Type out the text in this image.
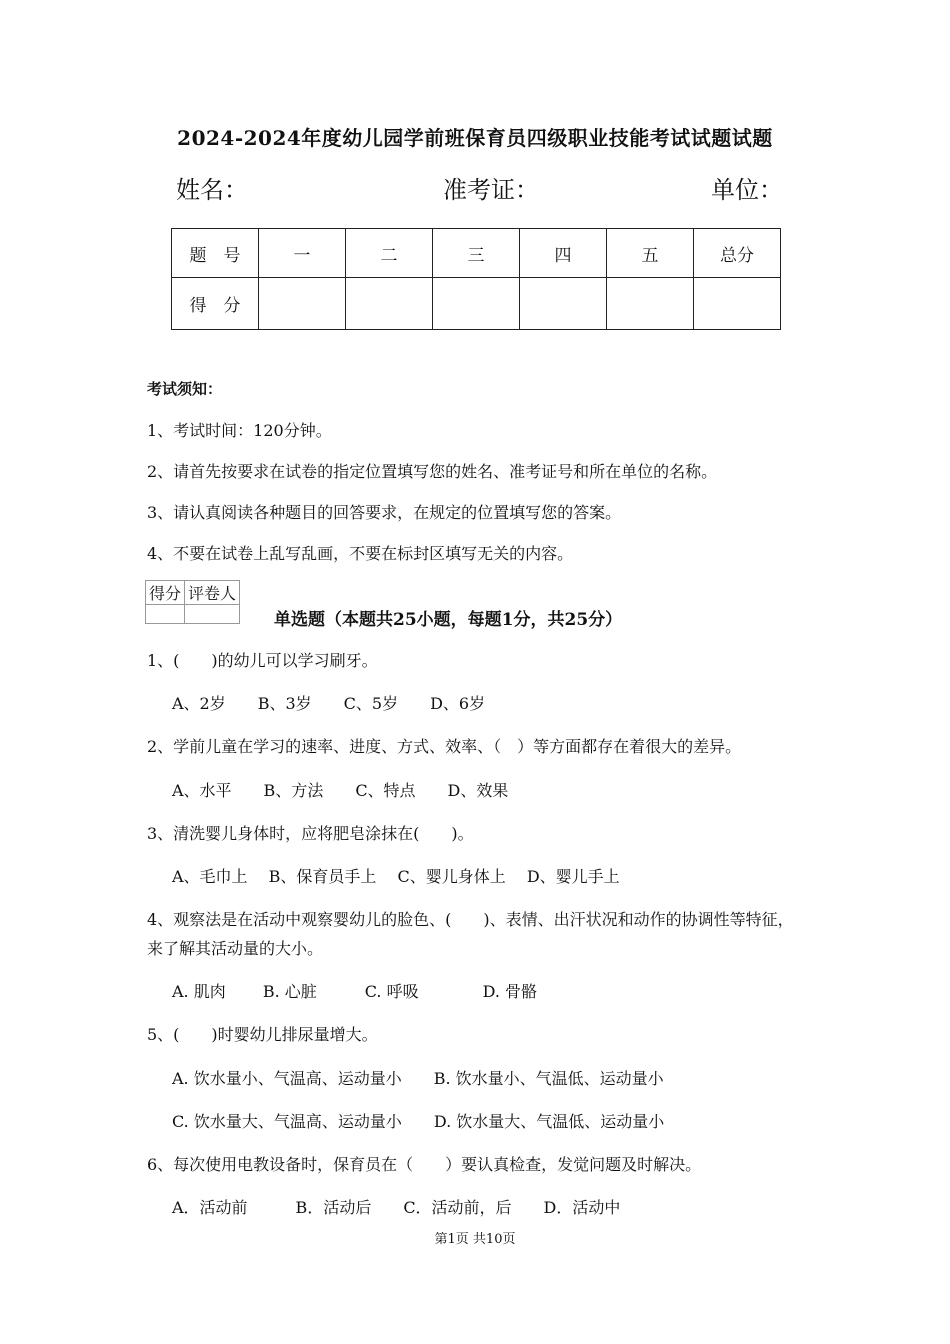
2024-2024年度幼儿园学前班保育员四级职业技能考试试题试题
姓名：	准考证：	单位：
题　号	一	二	三	四	五	总分
得　分						
考试须知：
1、考试时间：120分钟。
2、请首先按要求在试卷的指定位置填写您的姓名、准考证号和所在单位的名称。
3、请认真阅读各种题目的回答要求，在规定的位置填写您的答案。
4、不要在试卷上乱写乱画，不要在标封区填写无关的内容。
得分	评卷人

单选题（本题共25小题，每题1分，共25分）
1、(　　)的幼儿可以学习刷牙。
A、2岁　　B、3岁　　C、5岁　　D、6岁
2、学前儿童在学习的速率、进度、方式、效率、（　）等方面都存在着很大的差异。
A、水平　　B、方法　　C、特点　　D、效果
3、清洗婴儿身体时，应将肥皂涂抹在(　　)。
A、毛巾上　 B、保育员手上　 C、婴儿身体上　 D、婴儿手上
4、观察法是在活动中观察婴幼儿的脸色、(　　)、表情、出汗状况和动作的协调性等特征，
来了解其活动量的大小。
A. 肌肉　　 B. 心脏　　　C. 呼吸　　　　D. 骨骼
5、(　　)时婴幼儿排尿量增大。
A. 饮水量小、气温高、运动量小　　B. 饮水量小、气温低、运动量小
C. 饮水量大、气温高、运动量小　　D. 饮水量大、气温低、运动量小
6、每次使用电教设备时，保育员在（　　）要认真检查，发觉问题及时解决。
A．活动前　　　B．活动后　　C．活动前，后　　D．活动中
第1页 共10页
